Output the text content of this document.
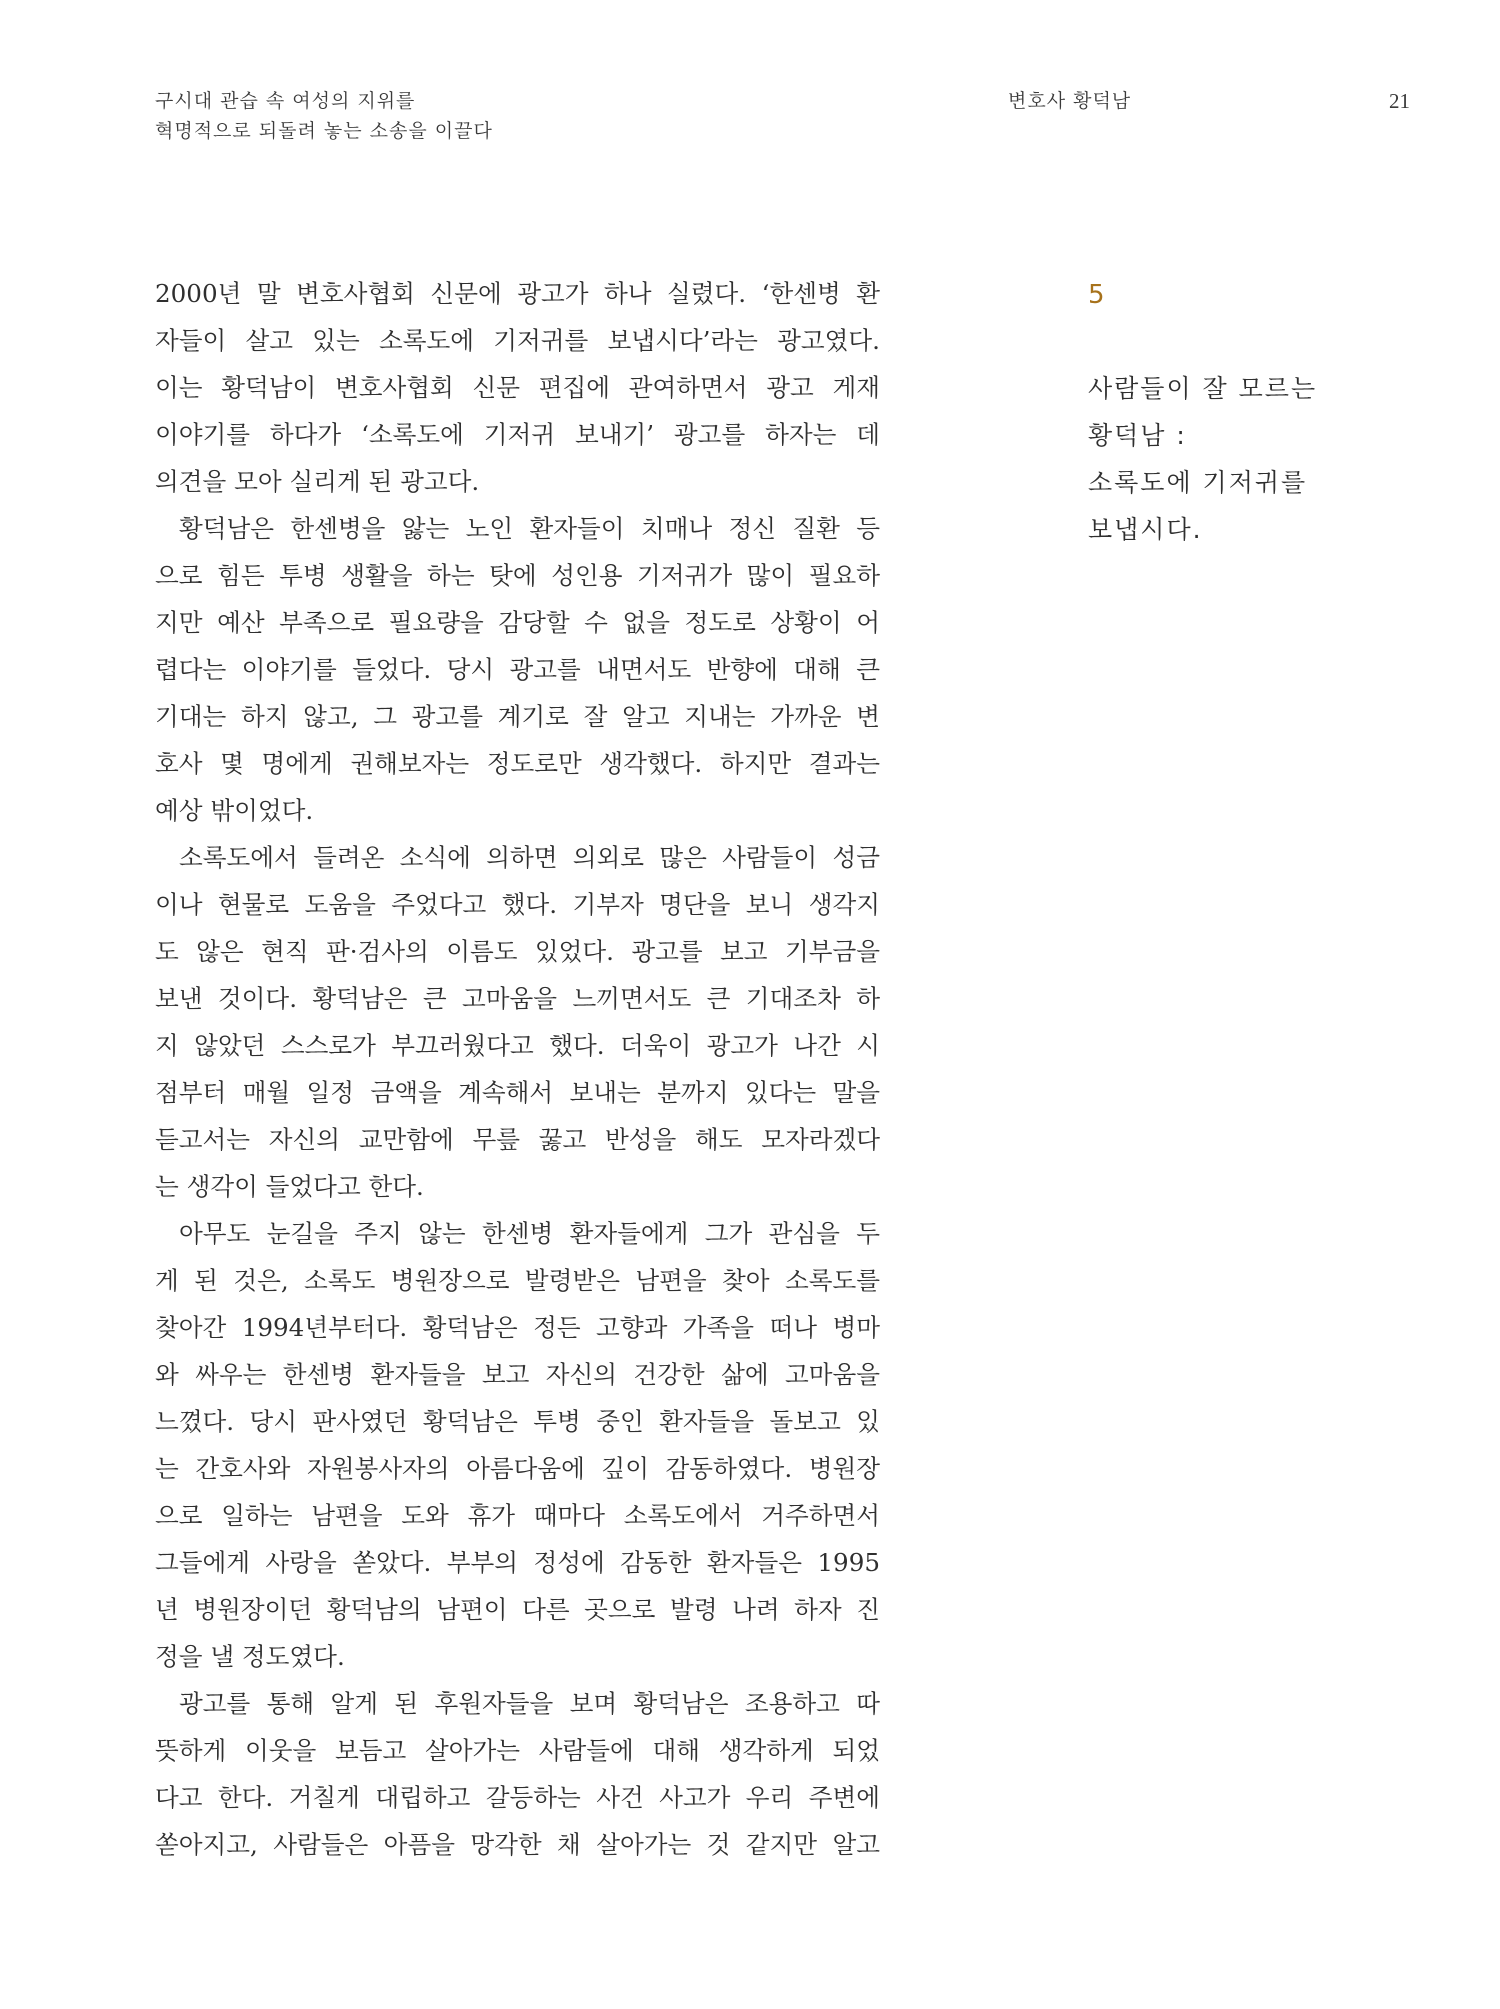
구시대 관습 속 여성의 지위를
혁명적으로 되돌려 놓는 소송을 이끌다
변호사 황덕남	21
2000년 말 변호사협회 신문에 광고가 하나 실렸다. ‘한센병 환
자들이 살고 있는 소록도에 기저귀를 보냅시다’라는 광고였다.
이는 황덕남이 변호사협회 신문 편집에 관여하면서 광고 게재
이야기를 하다가 ‘소록도에 기저귀 보내기’ 광고를 하자는 데
의견을 모아 실리게 된 광고다.
황덕남은 한센병을 앓는 노인 환자들이 치매나 정신 질환 등
으로 힘든 투병 생활을 하는 탓에 성인용 기저귀가 많이 필요하
지만 예산 부족으로 필요량을 감당할 수 없을 정도로 상황이 어
렵다는 이야기를 들었다. 당시 광고를 내면서도 반향에 대해 큰
기대는 하지 않고, 그 광고를 계기로 잘 알고 지내는 가까운 변
호사 몇 명에게 권해보자는 정도로만 생각했다. 하지만 결과는
예상 밖이었다.
소록도에서 들려온 소식에 의하면 의외로 많은 사람들이 성금
이나 현물로 도움을 주었다고 했다. 기부자 명단을 보니 생각지
도 않은 현직 판·검사의 이름도 있었다. 광고를 보고 기부금을
보낸 것이다. 황덕남은 큰 고마움을 느끼면서도 큰 기대조차 하
지 않았던 스스로가 부끄러웠다고 했다. 더욱이 광고가 나간 시
점부터 매월 일정 금액을 계속해서 보내는 분까지 있다는 말을
듣고서는 자신의 교만함에 무릎 꿇고 반성을 해도 모자라겠다
는 생각이 들었다고 한다.
아무도 눈길을 주지 않는 한센병 환자들에게 그가 관심을 두
게 된 것은, 소록도 병원장으로 발령받은 남편을 찾아 소록도를
찾아간 1994년부터다. 황덕남은 정든 고향과 가족을 떠나 병마
와 싸우는 한센병 환자들을 보고 자신의 건강한 삶에 고마움을
느꼈다. 당시 판사였던 황덕남은 투병 중인 환자들을 돌보고 있
는 간호사와 자원봉사자의 아름다움에 깊이 감동하였다. 병원장
으로 일하는 남편을 도와 휴가 때마다 소록도에서 거주하면서
그들에게 사랑을 쏟았다. 부부의 정성에 감동한 환자들은 1995
년 병원장이던 황덕남의 남편이 다른 곳으로 발령 나려 하자 진
정을 낼 정도였다.
광고를 통해 알게 된 후원자들을 보며 황덕남은 조용하고 따
뜻하게 이웃을 보듬고 살아가는 사람들에 대해 생각하게 되었
다고 한다. 거칠게 대립하고 갈등하는 사건 사고가 우리 주변에
쏟아지고, 사람들은 아픔을 망각한 채 살아가는 것 같지만 알고
5
사람들이 잘 모르는
황덕남 :
소록도에 기저귀를
보냅시다.
